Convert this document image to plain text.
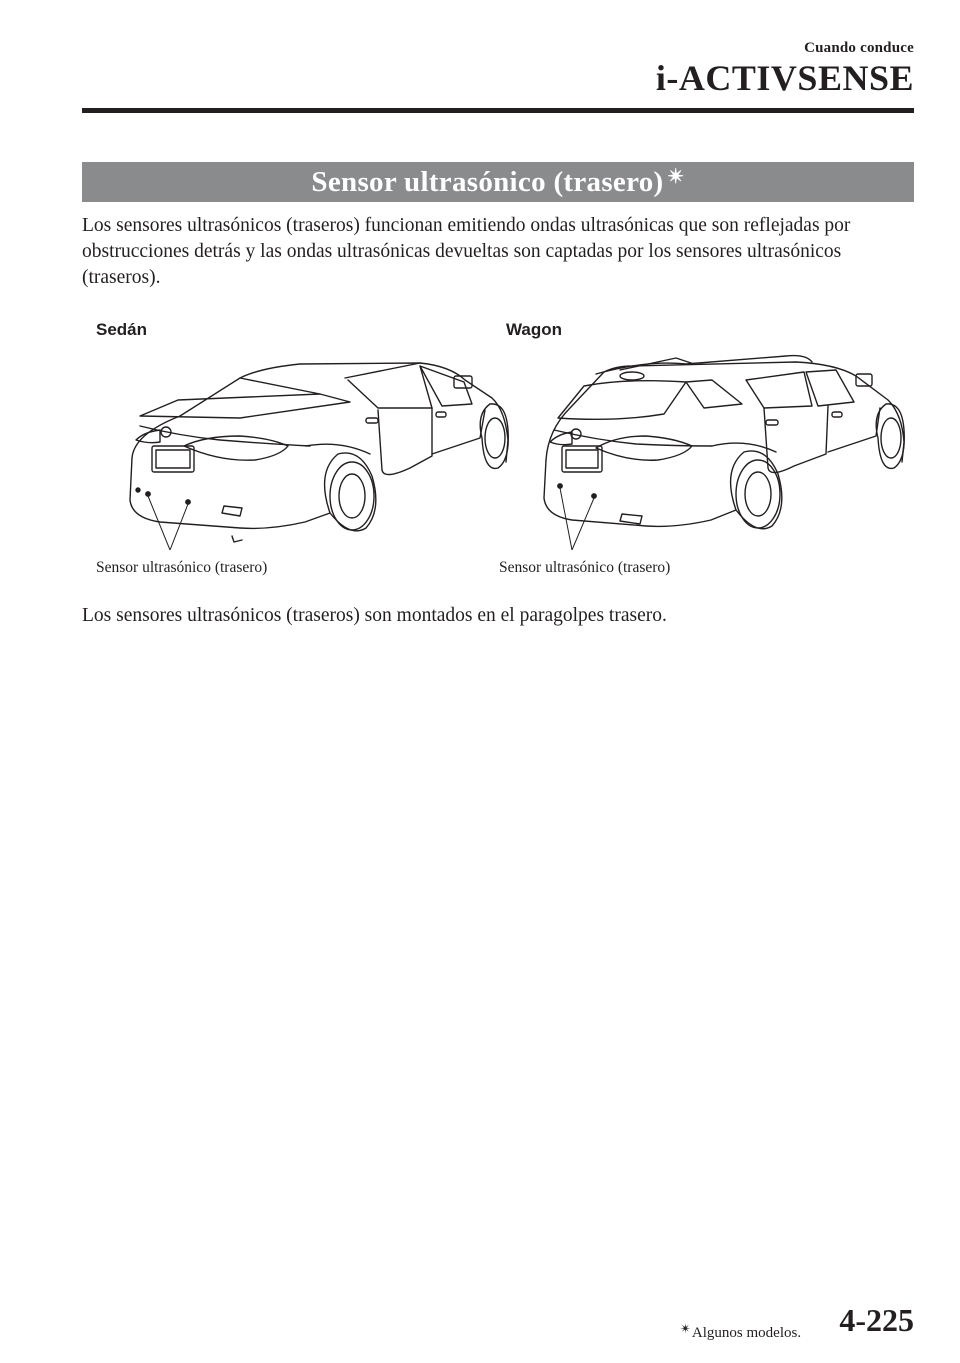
Cuando conduce
i-ACTIVSENSE
Sensor ultrasónico (trasero) ✴

Los sensores ultrasónicos (traseros) funcionan emitiendo ondas ultrasónicas que son reflejadas por obstrucciones detrás y las ondas ultrasónicas devueltas son captadas por los sensores ultrasónicos (traseros).

Sedán	Wagon
Sensor ultrasónico (trasero)	Sensor ultrasónico (trasero)

Los sensores ultrasónicos (traseros) son montados en el paragolpes trasero.

✴Algunos modelos. 4-225
